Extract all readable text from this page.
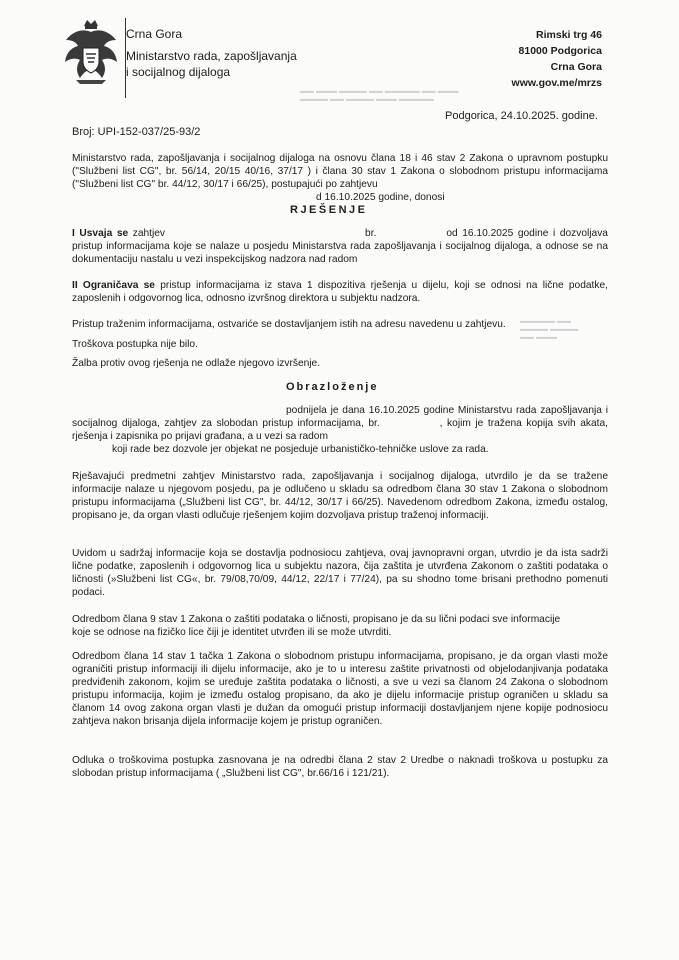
▬▬ ▬▬▬ ▬▬▬▬ ▬▬ ▬▬▬▬▬ ▬▬ ▬▬▬
▬▬▬▬ ▬▬ ▬▬▬▬ ▬▬▬ ▬▬▬▬▬
▬▬▬▬▬ ▬▬
▬▬▬▬ ▬▬▬▬
▬▬ ▬▬▬
Crna Gora
Ministarstvo rada, zapošljavanja
i socijalnog dijaloga
Rimski trg 46
81000 Podgorica
Crna Gora
www.gov.me/mrzs
Podgorica, 24.10.2025. godine.
Broj: UPI-152-037/25-93/2
Ministarstvo rada, zapošljavanja i socijalnog dijaloga na osnovu člana 18 i 46 stav 2 Zakona o upravnom postupku ("Službeni list CG", br. 56/14, 20/15 40/16, 37/17 ) i člana 30 stav 1 Zakona o slobodnom pristupu informacijama ("Službeni list CG" br. 44/12, 30/17 i 66/25), postupajući po zahtjevu
d 16.10.2025 godine, donosi
RJEŠENJE
I Usvaja se zahtjev	br.	od 16.10.2025 godine i dozvoljava pristup informacijama koje se nalaze u posjedu Ministarstva rada zapošljavanja i socijalnog dijaloga, a odnose se na dokumentaciju nastalu u vezi inspekcijskog nadzora nad radom
II Ograničava se pristup informacijama iz stava 1 dispozitiva rješenja u dijelu, koji se odnosi na lične podatke, zaposlenih i odgovornog lica, odnosno izvršnog direktora u subjektu nadzora.
Pristup traženim informacijama, ostvariće se dostavljanjem istih na adresu navedenu u zahtjevu.
Troškova postupka nije bilo.
Žalba protiv ovog rješenja ne odlaže njegovo izvršenje.
Obrazloženje
podnijela je dana 16.10.2025 godine Ministarstvu rada zapošljavanja i socijalnog dijaloga, zahtjev za slobodan pristup informacijama, br.	, kojim je tražena kopija svih akata, rješenja i zapisnika po prijavi građana, a u vezi sa radom
koji rade bez dozvole jer objekat ne posjeduje urbanističko-tehničke uslove za rada.
Rješavajući predmetni zahtjev Ministarstvo rada, zapošljavanja i socijalnog dijaloga, utvrdilo je da se tražene informacije nalaze u njegovom posjedu, pa je odlučeno u skladu sa odredbom člana 30 stav 1 Zakona o slobodnom pristupu informacijama („Službeni list CG", br. 44/12, 30/17 i 66/25). Navedenom odredbom Zakona, između ostalog, propisano je, da organ vlasti odlučuje rješenjem kojim dozvoljava pristup traženoj informaciji.
Uvidom u sadržaj informacije koja se dostavlja podnosiocu zahtjeva, ovaj javnopravni organ, utvrdio je da ista sadrži lične podatke, zaposlenih i odgovornog lica u subjektu nazora, čija zaštita je utvrđena Zakonom o zaštiti podataka o ličnosti (»Službeni list CG«, br. 79/08,70/09, 44/12, 22/17 i 77/24), pa su shodno tome brisani prethodno pomenuti podaci.
Odredbom člana 9 stav 1 Zakona o zaštiti podataka o ličnosti, propisano je da su lični podaci sve informacije
koje se odnose na fizičko lice čiji je identitet utvrđen ili se može utvrditi.
Odredbom člana 14 stav 1 tačka 1 Zakona o slobodnom pristupu informacijama, propisano, je da organ vlasti može ograničiti pristup informaciji ili dijelu informacije, ako je to u interesu zaštite privatnosti od objelodanjivanja podataka predviđenih zakonom, kojim se uređuje zaštita podataka o ličnosti, a sve u vezi sa članom 24 Zakona o slobodnom pristupu informacija, kojim je između ostalog propisano, da ako je dijelu informacije pristup ograničen u skladu sa članom 14 ovog zakona organ vlasti je dužan da omogući pristup informaciji dostavljanjem njene kopije podnosiocu zahtjeva nakon brisanja dijela informacije kojem je pristup ograničen.
Odluka o troškovima postupka zasnovana je na odredbi člana 2 stav 2 Uredbe o naknadi troškova u postupku za slobodan pristup informacijama ( „Službeni list CG", br.66/16 i 121/21).
